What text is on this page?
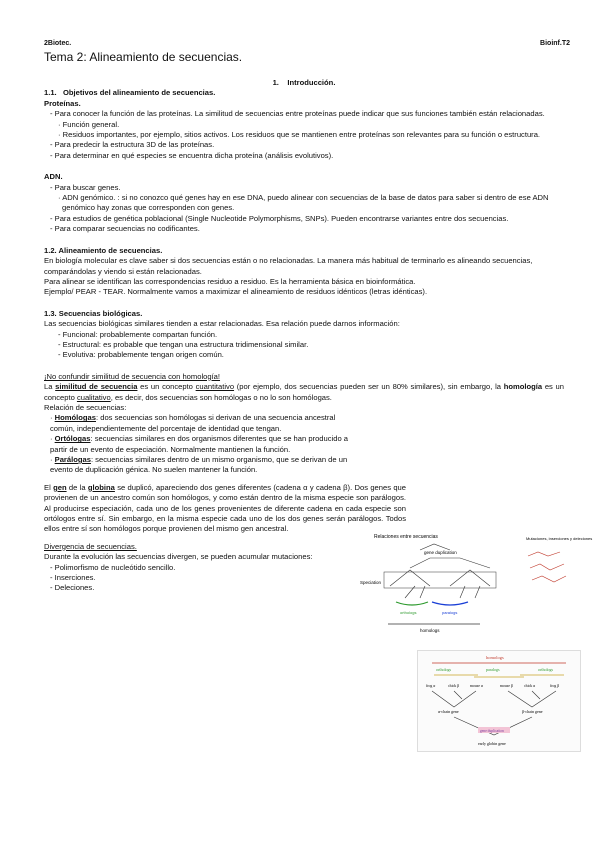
2Biotec.	Bioinf.T2
Tema 2: Alineamiento de secuencias.

1.    Introducción.

1.1.   Objetivos del alineamiento de secuencias.

Proteínas.

- Para conocer la función de las proteínas. La similitud de secuencias entre proteínas puede indicar que sus funciones también están relacionadas.

· Función general.

· Residuos importantes, por ejemplo, sitios activos. Los residuos que se mantienen entre proteínas son relevantes para su función o estructura.

- Para predecir la estructura 3D de las proteínas.

- Para determinar en qué especies se encuentra dicha proteína (análisis evolutivos).

ADN.

- Para buscar genes.

· ADN genómico. : si no conozco qué genes hay en ese DNA, puedo alinear con secuencias de la base de datos para saber si dentro de ese ADN genómico hay zonas que corresponden con genes.

- Para estudios de genética poblacional (Single Nucleotide Polymorphisms, SNPs). Pueden encontrarse variantes entre dos secuencias.

- Para comparar secuencias no codificantes.

1.2. Alineamiento de secuencias.

En biología molecular es clave saber si dos secuencias están o no relacionadas. La manera más habitual de terminarlo es alineando secuencias, comparándolas y viendo si están relacionadas.

Para alinear se identifican las correspondencias residuo a residuo. Es la herramienta básica en bioinformática.

Ejemplo/ PEAR - TEAR. Normalmente vamos a maximizar el alineamiento de residuos idénticos (letras idénticas).

1.3. Secuencias biológicas.

Las secuencias biológicas similares tienden a estar relacionadas. Esa relación puede darnos información:

- Funcional: probablemente compartan función.

- Estructural: es probable que tengan una estructura tridimensional similar.

- Evolutiva: probablemente tengan origen común.

¡No confundir similitud de secuencia con homología!

La similitud de secuencia es un concepto cuantitativo (por ejemplo, dos secuencias pueden ser un 80% similares), sin embargo, la homología es un concepto cualitativo, es decir, dos secuencias son homólogas o no lo son homólogas.

Relación de secuencias:

· Homólogas: dos secuencias son homólogas si derivan de una secuencia ancestral común, independientemente del porcentaje de identidad que tengan.

· Ortólogas: secuencias similares en dos organismos diferentes que se han producido a partir de un evento de especiación. Normalmente mantienen la función.

· Parálogas: secuencias similares dentro de un mismo organismo, que se derivan de un evento de duplicación génica. No suelen mantener la función.

El gen de la globina se duplicó, apareciendo dos genes diferentes (cadena α y cadena β). Dos genes que provienen de un ancestro común son homólogos, y como están dentro de la misma especie son parálogos. Al producirse especiación, cada uno de los genes provenientes de diferente cadena en cada especie son ortólogos entre sí. Sin embargo, en la misma especie cada uno de los dos genes serán parálogos. Todos ellos entre sí son homólogos porque provienen del mismo gen ancestral.

Divergencia de secuencias.

Durante la evolución las secuencias divergen, se pueden acumular mutaciones:

- Polimorfismo de nucleótido sencillo.

- Inserciones.

- Deleciones.

Relaciones entre secuencias
gene duplication
Speciation
orthologs	paralogs
homologs
Mutaciones, inserciones y deleciones
homologs
orthologs	paralogs	orthologs
frog α	chick β	mouse α	mouse β	chick α	frog β
α-chain gene	β-chain gene
gene duplication
early globin gene
